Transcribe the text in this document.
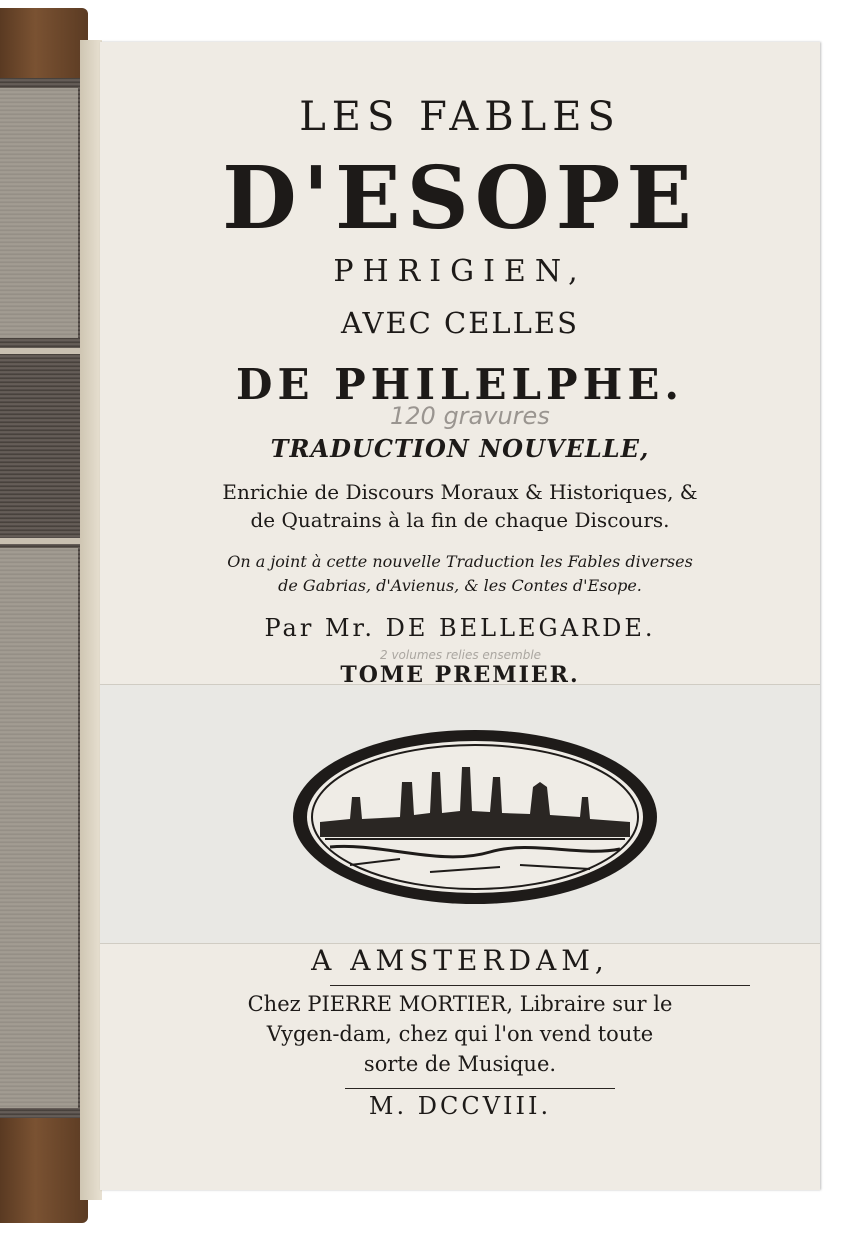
LES FABLES
D'ESOPE
PHRIGIEN,
AVEC CELLES
DE PHILELPHE.
120 gravures
TRADUCTION NOUVELLE,
Enrichie de Discours Moraux & Historiques, &
de Quatrains à la fin de chaque Discours.
On a joint à cette nouvelle Traduction les Fables diverses
de Gabrias, d'Avienus, & les Contes d'Esope.
Par Mr. DE BELLEGARDE.
2 volumes relies ensemble
TOME PREMIER.
A AMSTERDAM,
Chez PIERRE MORTIER, Libraire sur le
Vygen-dam, chez qui l'on vend toute
sorte de Musique.
M. DCCVIII.
